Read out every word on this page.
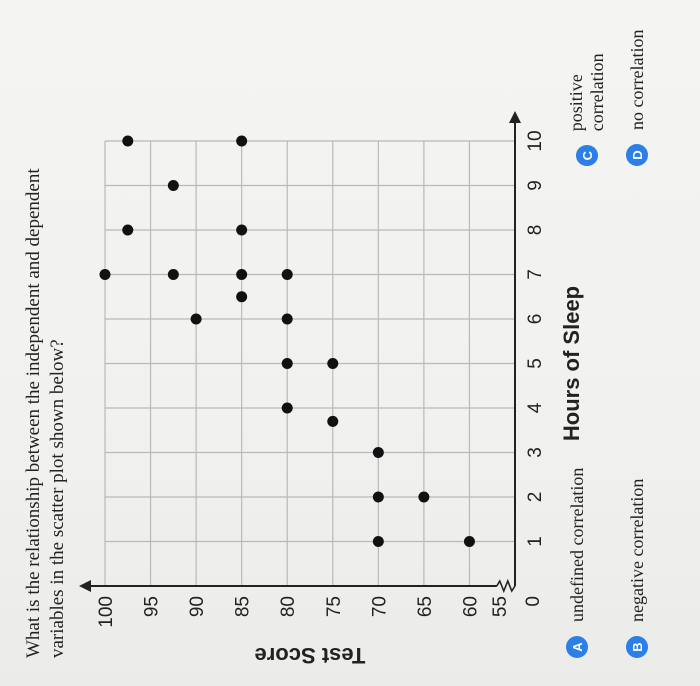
What is the relationship between the independent and dependent variables in the scatter plot shown below?	1
2
3
4
5
6
7
8
9
10
55
60
65
70
75
80
85
90
95
100	0
Hours of Sleep
Test Score	A
undefined correlation
B
negative correlation
C
positive correlation
D
no correlation
